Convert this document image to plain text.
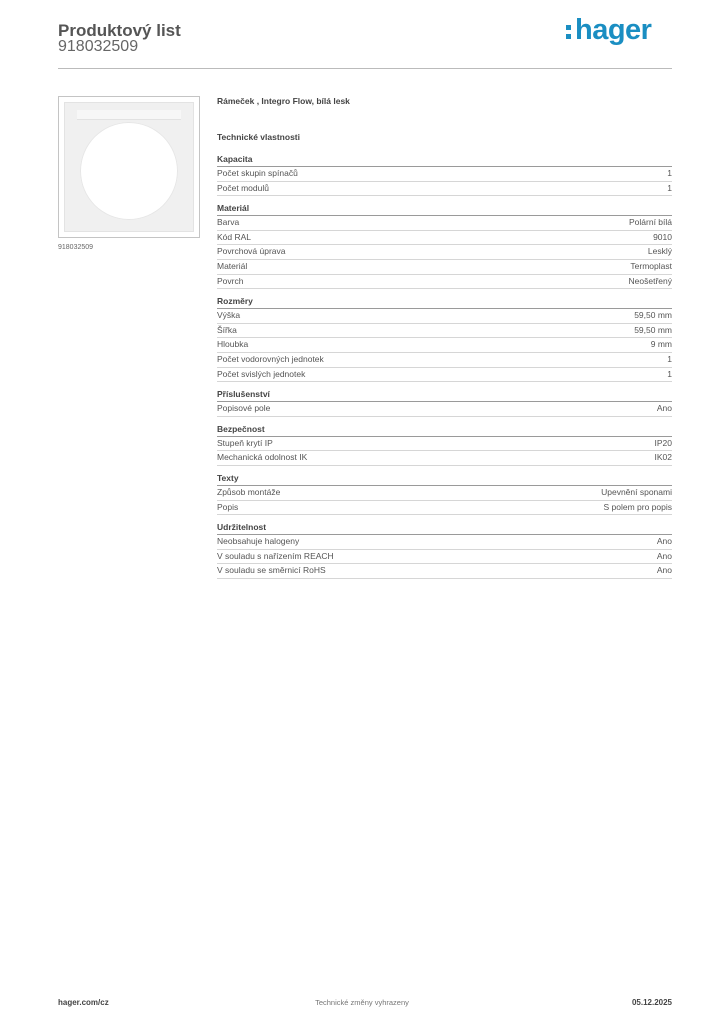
Produktový list
918032509
hager
918032509
Rámeček , Integro Flow, bílá lesk
Technické vlastnosti
Kapacita
Počet skupin spínačů	1
Počet modulů	1
Materiál
Barva	Polární bílá
Kód RAL	9010
Povrchová úprava	Lesklý
Materiál	Termoplast
Povrch	Neošetřený
Rozměry
Výška	59,50 mm
Šířka	59,50 mm
Hloubka	9 mm
Počet vodorovných jednotek	1
Počet svislých jednotek	1
Příslušenství
Popisové pole	Ano
Bezpečnost
Stupeň krytí IP	IP20
Mechanická odolnost IK	IK02
Texty
Způsob montáže	Upevnění sponami
Popis	S polem pro popis
Udržitelnost
Neobsahuje halogeny	Ano
V souladu s nařízením REACH	Ano
V souladu se směrnicí RoHS	Ano
hager.com/cz	Technické změny vyhrazeny	05.12.2025
